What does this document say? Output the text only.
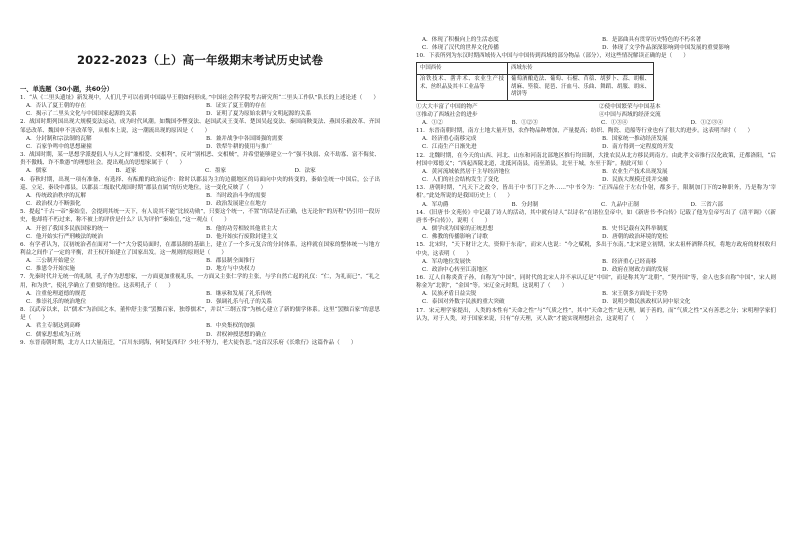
2022-2023（上）高一年级期末考试历史试卷
一、单选题（30小题，共60分）

1．“从《二里头遗址》新发现中，人们几乎可以看到中国最早王朝如何形成。”中国社会科学院考古研究所“二里头工作队”队长的上述论述（　　）

A．否认了夏王朝的存在	B．证实了夏王朝的存在
C．揭示了二里头文化与中国国家起源的关系	D．证明了夏为原始农耕与文明起源的关系

2．战国时期列国出现大规模变法运动，成为时代风潮。如魏国李悝变法、赵国武灵王变革、楚国吴起变法、秦国商鞅变法、燕国乐毅改革、齐国邹忌改革、魏国申不害改革等，从根本上说，这一潮流出现的原因是（　　）

A．分封制和宗法制的瓦解	B．兼并战争中各国图强的需要
C．百家争鸣中的思想碰撞	D．铁犁牛耕的使用与推广

3．战国时期，某一思想学派提倡人与人之间“兼相爱、交相利”，反对“别相恶、交相贼”，并希望能够建立一个“强不执弱、众不劫寡、富不侮贫、贵不傲贱、诈不欺愚”的理想社会。提出观点的思想家属于（　　）

A．儒家	B．道家	C．墨家	D．法家

4．春秋时期，出现一项有准备、有选择、有酝酿的政治运作：除时以郡县为主的边疆地区的局面向中央的转变的，秦始皇统一中国后，公子出巡、立足、秦设中郡县，以郡县二级取代战国时期“郡县直属”的历史地位，这一变化反映了（　　）

A．传统政治秩序的瓦解	B．当时政治斗争的需要
C．政治权力不断强化	D．政治发展建立在地方

5．提起“千古一帝”秦始皇，会提到其统一天下，有人说其不能“比较功勋”，只要这个统一，不置“的话是否正确，也无论你”的历程”仍引用一段历史，他却将不朽过来，称不被上的评价是什么？认为评价“秦始皇，”这一观点（　　）

A．开创了我国多民族国家的统一	B．他的功劳相较其他君主大
C．他开始实行严刑峻法的统治	D．他开始实行废除封建主义

6．有学者认为，汉初统治者在面对“一个”大分裂局面时，在郡县制的基础上，建立了一个多元复合的分封体系，这样就在国家的整体统一与地方利益之间作了一定的平衡，君王权开始建立了国家出发。这一规则的原则是（　　）

A．三公制开始建立	B．郡县制全面推行
C．推恩令开始实施	D．地方与中央权力

7．先秦时代并无统一的礼制，孔子作为思想家，一方面更加重视礼乐，一方面又主张仁学的主张，与学自然亡起的礼仪：“仁，为礼而已”，“礼之用，和为贵”，使礼学确立了重要的地位。这表明孔子（　　）

A．注重伦理道德的规范	B．继承和发展了礼乐传统
C．推崇礼乐的统治地位	D．强调礼乐与孔子的关系

8．汉武帝以来，以“儒术”为治国之本，董仲舒主张“罢黜百家，独尊儒术”，并以“三纲五常”为核心建立了新的儒学体系。这里“罢黜百家”的意思是（　　）

A．君主专制达到高峰	B．中央集权的加强
C．儒家思想成为正统	D．君权神授思想的确立

9．东晋南朝时期，北方人口大量南迁，“百川东到海，何时复西归？少壮不努力，老大徒伤悲。”这首汉乐府《长歌行》这篇作品（　　）

A．体现了积极向上的生活态度	B．是部曲具有贯穿历史特色的不朽名著
C．体现了汉代的世界文化传播	D．体现了文学作品深深影响到中国发展的重要影响

10．下表所列为东汉时期西域传入中国与中国传到西域的部分物品（部分），对这些情况解读正确的是（　　）

中国西传	西域东传
冶铁技术、凿井术、农业生产技术、丝织品及其丰工业品等	葡萄酒酿造法、葡萄、石榴、苜蓿、胡萝卜、蒜、胡椒、胡麻、箜篌、琵琶、汗血马、乐曲、舞蹈、胡服、胡床、胡饼等
①大大丰富了中国的物产	②使中国繁荣与中国基本
③推动了西域社会的进步	④中国与西域的经济交流
A．①②	B．①②③	C．①③④	D．①②③④

11．东晋南朝时期，南方土地大量开垦，农作物品种增加，产量提高；纺织、陶瓷、造船等行业也有了很大的进步。这表明当时（　　）

A．经济重心南移完成	B．国家统一推动经济发展
C．江南生产日渐先进	D．南方得到一定程度的开发

12．北魏时期，在今天的山西、河北、山东和河南北部地区推行均田制，大批农民从北方移民到南方。由此孝文帝推行汉化政策，迁都洛阳，“后村国中郑德义”；“西起西陵北道，北抵河南县，南至萧县，北至于城，东至于海”。据此可知（　　）

A．黄河流域依然居于主导经济地位	B．农业生产技术出现发展
C．人们的社会结构发生了变化	D．民族大规模迁徙并交融

13．唐朝时期，“凡天下之政令，皆出于中书门下之外……”中书令为：“正四品位于左右仆射，都多于，限制加门下的2种职务，乃是称为‘宰相’。”此处所说的是我国历史上（　　）

A．军功爵	B．分封制	C．九品中正制	D．三省六部

14．《旧唐书·文苑传》中记载了诗人的活动，其中就有诗人“以诗名”在诸位皇帝中，如《新唐书·李白传》记载了他为皇帝写出了《清平调》（《新唐书·李白传》），说明（　　）

A．儒学成为国家的正统思想	B．史书记载有关科举制度
C．佛教的传播影响了诗歌	D．唐朝的政治环境的宽松

15．北宋时，“天下财计之大，资仰于东南”，而宋人也说：“今之赋税，多出于东南。”北宋建立初期，宋太祖杯酒释兵权，将地方政府的财权收归中央，这表明（　　）

A．军功地位发展快	B．经济重心已经南移
C．政治中心转至江南地区	D．政府在财政方面的发展

16．辽人自称炎黄子孙，自称为“中国”，同时代的北宋人并不承认辽是“中国”，而是称其为“北朝”，“契丹国”等，金人也多自称“中国”，宋人则称金为“北朝”，“金国”等。宋辽金元时期，这说明了（　　）

A．民族矛盾日益尖锐	B．宋王朝多方面处于劣势
C．泰国对外数字民族的重大突破	D．说明少数民族政权认同中原文化

17．宋元理学家提出，人类的本性有“天命之性”与“气质之性”，其中“天命之性”是天理，属于善的，而“气质之性”又有善恶之分；宋明理学家们认为，对于人类，对于国家来说，只有“存天理，灭人欲”才能实现理想社会，这说明了（　　）
